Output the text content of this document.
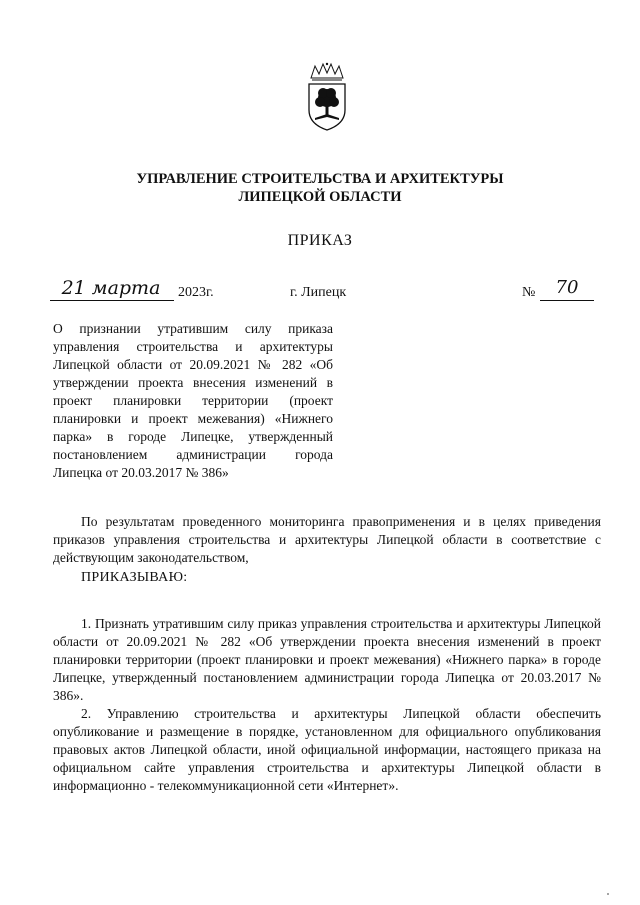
УПРАВЛЕНИЕ СТРОИТЕЛЬСТВА И АРХИТЕКТУРЫ
ЛИПЕЦКОЙ ОБЛАСТИ
ПРИКАЗ
21 марта	2023г.	г. Липецк	№	70
О признании утратившим силу приказа управления строительства и архитектуры Липецкой области от 20.09.2021 № 282 «Об утверждении проекта внесения изменений в проект планировки территории (проект планировки и проект межевания) «Нижнего парка» в городе Липецке, утвержденный постановлением администрации города Липецка от 20.03.2017 № 386»

По результатам проведенного мониторинга правоприменения и в целях приведения приказов управления строительства и архитектуры Липецкой области в соответствие с действующим законодательством,

ПРИКАЗЫВАЮ:

1. Признать утратившим силу приказ управления строительства и архитектуры Липецкой области от 20.09.2021 № 282 «Об утверждении проекта внесения изменений в проект планировки территории (проект планировки и проект межевания) «Нижнего парка» в городе Липецке, утвержденный постановлением администрации города Липецка от 20.03.2017 № 386».

2. Управлению строительства и архитектуры Липецкой области обеспечить опубликование и размещение в порядке, установленном для официального опубликования правовых актов Липецкой области, иной официальной информации, настоящего приказа на официальном сайте управления строительства и архитектуры Липецкой области в информационно - телекоммуникационной сети «Интернет».
